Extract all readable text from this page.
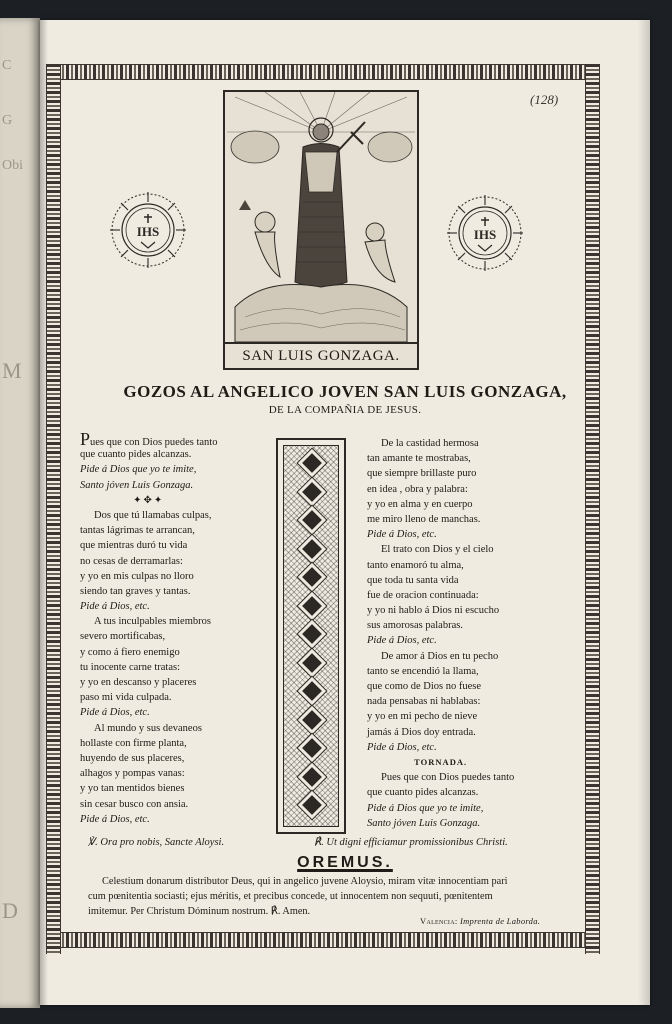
C
G
Obi
M
D
(128)
IHS	IHS
SAN LUIS GONZAGA.
GOZOS AL ANGELICO JOVEN SAN LUIS GONZAGA,
DE LA COMPAÑIA DE JESUS.
Pues que con Dios puedes tanto
que cuanto pides alcanzas.
Pide á Dios que yo te imite,
Santo jóven Luis Gonzaga.
✦✥✦
Dos que tú llamabas culpas,
tantas lágrimas te arrancan,
que mientras duró tu vida
no cesas de derramarlas:
y yo en mis culpas no lloro
siendo tan graves y tantas.
Pide á Dios, etc.
A tus inculpables miembros
severo mortificabas,
y como á fiero enemigo
tu inocente carne tratas:
y yo en descanso y placeres
paso mi vida culpada.
Pide á Dios, etc.
Al mundo y sus devaneos
hollaste con firme planta,
huyendo de sus placeres,
alhagos y pompas vanas:
y yo tan mentidos bienes
sin cesar busco con ansia.
Pide á Dios, etc.
De la castidad hermosa
tan amante te mostrabas,
que siempre brillaste puro
en idea , obra y palabra:
y yo en alma y en cuerpo
me miro lleno de manchas.
Pide á Dios, etc.
El trato con Dios y el cielo
tanto enamoró tu alma,
que toda tu santa vida
fue de oracion continuada:
y yo ni hablo á Dios ni escucho
sus amorosas palabras.
Pide á Dios, etc.
De amor á Dios en tu pecho
tanto se encendió la llama,
que como de Dios no fuese
nada pensabas ni hablabas:
y yo en mi pecho de nieve
jamás á Dios doy entrada.
Pide á Dios, etc.
TORNADA.
Pues que con Dios puedes tanto
que cuanto pides alcanzas.
Pide á Dios que yo te imite,
Santo jóven Luis Gonzaga.
℣. Ora pro nobis, Sancte Aloysi.	℟. Ut digni efficiamur promissionibus Christi.
OREMUS.
Celestium donarum distributor Deus, qui in angelico juvene Aloysio, miram vitæ innocentiam pari
cum pœnitentia sociasti; ejus méritis, et precibus concede, ut innocentem non sequuti, pœnitentem
imitemur. Per Christum Dóminum nostrum. ℟. Amen.
Valencia: Imprenta de Laborda.
